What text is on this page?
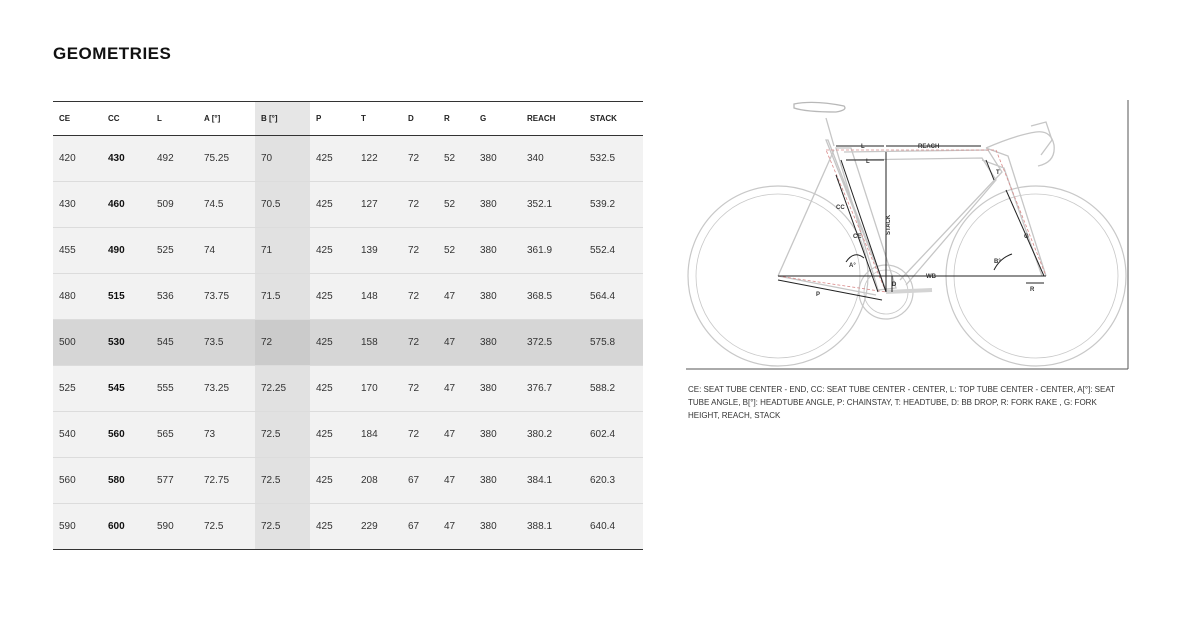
GEOMETRIES
CE	CC	L	A [°]	B [°]	P	T	D	R	G	REACH	STACK
420	430	492	75.25	70	425	122	72	52	380	340	532.5
430	460	509	74.5	70.5	425	127	72	52	380	352.1	539.2
455	490	525	74	71	425	139	72	52	380	361.9	552.4
480	515	536	73.75	71.5	425	148	72	47	380	368.5	564.4
500	530	545	73.5	72	425	158	72	47	380	372.5	575.8
525	545	555	73.25	72.25	425	170	72	47	380	376.7	588.2
540	560	565	73	72.5	425	184	72	47	380	380.2	602.4
560	580	577	72.75	72.5	425	208	67	47	380	384.1	620.3
590	600	590	72.5	72.5	425	229	67	47	380	388.1	640.4
REACH
L
L
STACK
CC
CE
A°
B°
WB
P
D
R
G
T

CE: SEAT TUBE CENTER - END, CC: SEAT TUBE CENTER - CENTER, L: TOP TUBE CENTER - CENTER, A[°]: SEAT TUBE ANGLE, B[°]: HEADTUBE ANGLE, P: CHAINSTAY, T: HEADTUBE, D: BB DROP, R: FORK RAKE , G: FORK HEIGHT, REACH, STACK
